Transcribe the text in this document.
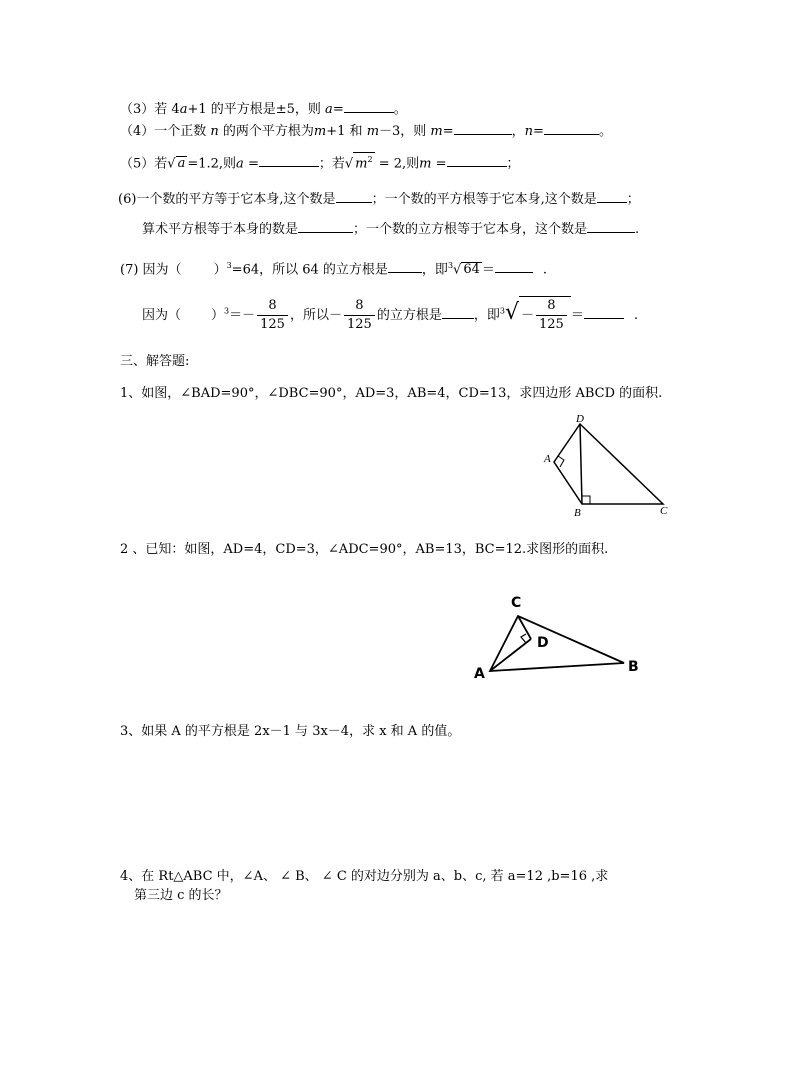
（3）若 4a+1 的平方根是±5，则 a=	。
（4）一个正数 n 的两个平方根为m+1 和 m－3，则 m=	，n=	。
（5）若√ a =1.2,则a =	；若√ $m^2 = 2$,则m =	；
(6)一个数的平方等于它本身,这个数是	；一个数的平方根等于它本身,这个数是 ；
算术平方根等于本身的数是	；一个数的立方根等于它本身，这个数是	.
(7) 因为（ ）$^3$=64，所以 64 的立方根是	，即$^3$√ 64 ＝	.
因为（ ）$^3=- \frac{8}{125}$ ，所以－ $\frac{8}{125}$ 的立方根是 ，即$^3√ - \frac{8}{125}$ ＝	.
三、解答题:
1、如图，∠BAD=90°，∠DBC=90°，AD=3，AB=4，CD=13，求四边形 ABCD 的面积.
D
A
B	C
2 、已知：如图，AD=4，CD=3，∠ADC=90°，AB=13，BC=12.求图形的面积.
C
D
A	B
3、如果 A 的平方根是 2x－1 与 3x－4，求 x 和 A 的值。
4、在 Rt△ABC 中，∠A、 ∠ B、 ∠ C 的对边分别为 a、b、c, 若 a=12 ,b=16 ,求
第三边 c 的长？
